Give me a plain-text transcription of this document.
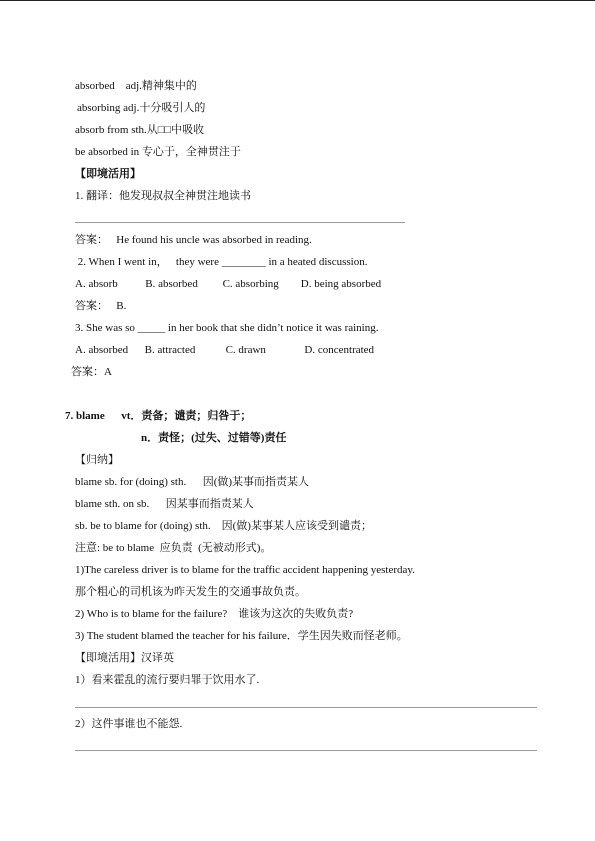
absorbed    adj.精神集中的
absorbing adj.十分吸引人的
absorb from sth.从□□中吸收
be absorbed in 专心于，全神贯注于
【即境活用】
1. 翻译：他发现叔叔全神贯注地读书
答案：   He found his uncle was absorbed in reading.
2. When I went in，   they were ________ in a heated discussion.
A. absorb          B. absorbed         C. absorbing        D. being absorbed
答案：   B.
3. She was so _____ in her book that she didn’t notice it was raining.
A. absorbed      B. attracted           C. drawn              D. concentrated
答案：A
7. blame      vt．责备；谴责；归咎于；
n．责怪；(过失、过错等)责任
【归纳】
blame sb. for (doing) sth.      因(做)某事而指责某人
blame sth. on sb.      因某事而指责某人
sb. be to blame for (doing) sth.    因(做)某事某人应该受到谴责；
注意: be to blame  应负责  (无被动形式)。
1)The careless driver is to blame for the traffic accident happening yesterday.
那个粗心的司机该为昨天发生的交通事故负责。
2) Who is to blame for the failure?    谁该为这次的失败负责?
3) The student blamed the teacher for his failure．学生因失败而怪老师。
【即境活用】汉译英
1）看来霍乱的流行要归罪于饮用水了.
2）这件事谁也不能怨.
